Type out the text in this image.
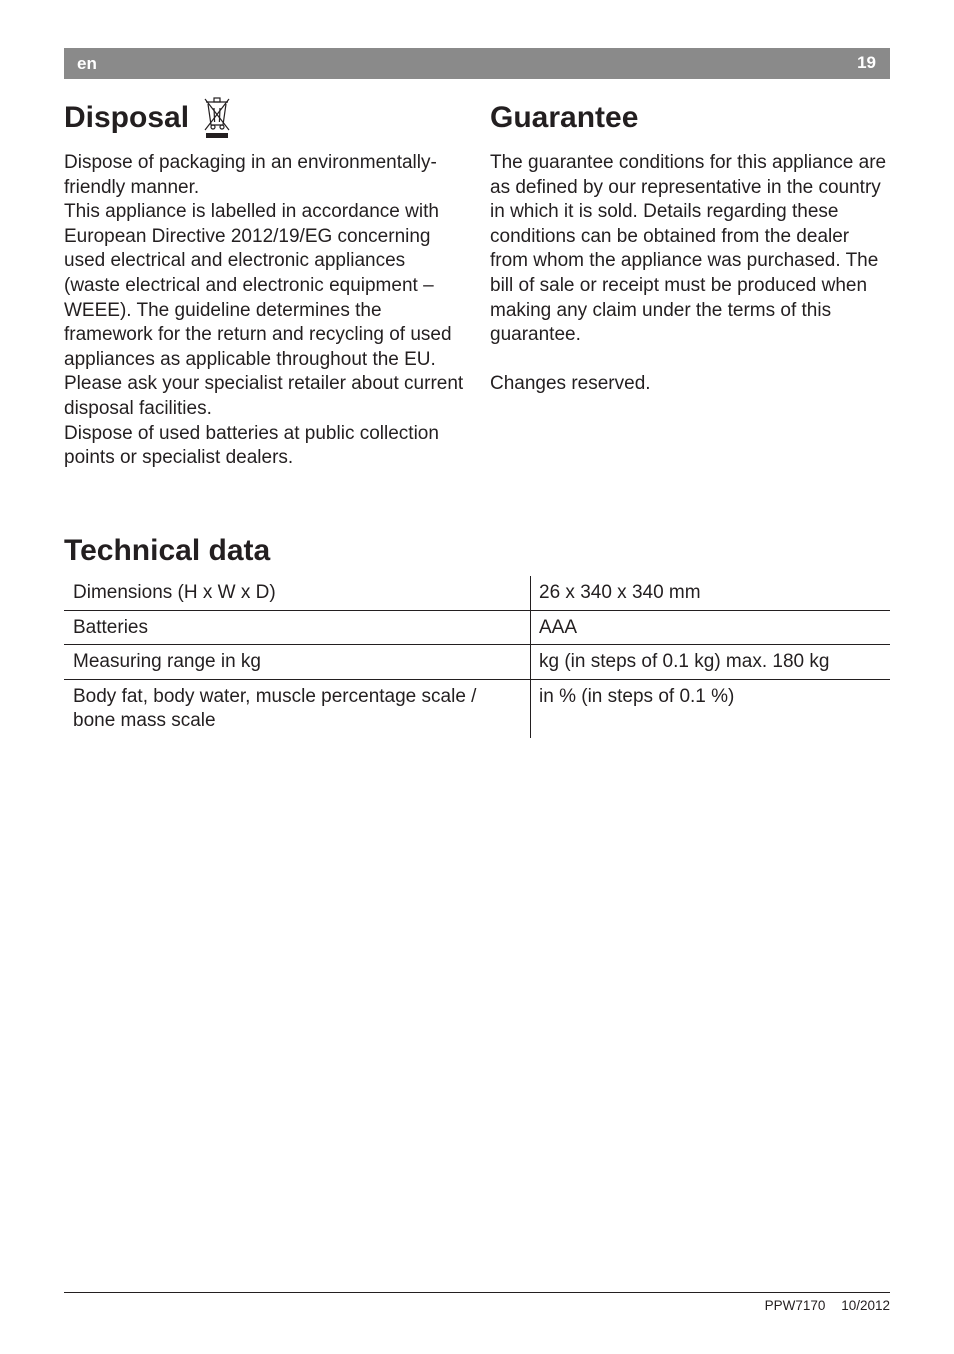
en	19
Disposal

Dispose of packaging in an environmentally-friendly manner.

This appliance is labelled in accordance with European Directive 2012/19/EG concerning used electrical and electronic appliances (waste electrical and electronic equipment – WEEE). The guideline determines the framework for the return and recycling of used appliances as applicable throughout the EU.

Please ask your specialist retailer about current disposal facilities.

Dispose of used batteries at public collection points or specialist dealers.

Guarantee

The guarantee conditions for this appliance are as defined by our representative in the country in which it is sold. Details regarding these conditions can be obtained from the dealer from whom the appliance was purchased. The bill of sale or receipt must be produced when making any claim under the terms of this guarantee.

Changes reserved.

Technical data
Dimensions (H x W x D)	26 x 340 x 340 mm
Batteries	AAA
Measuring range in kg	kg (in steps of 0.1 kg) max. 180 kg
Body fat, body water, muscle percentage scale / bone mass scale	in % (in steps of 0.1 %)
PPW7170 10/2012
